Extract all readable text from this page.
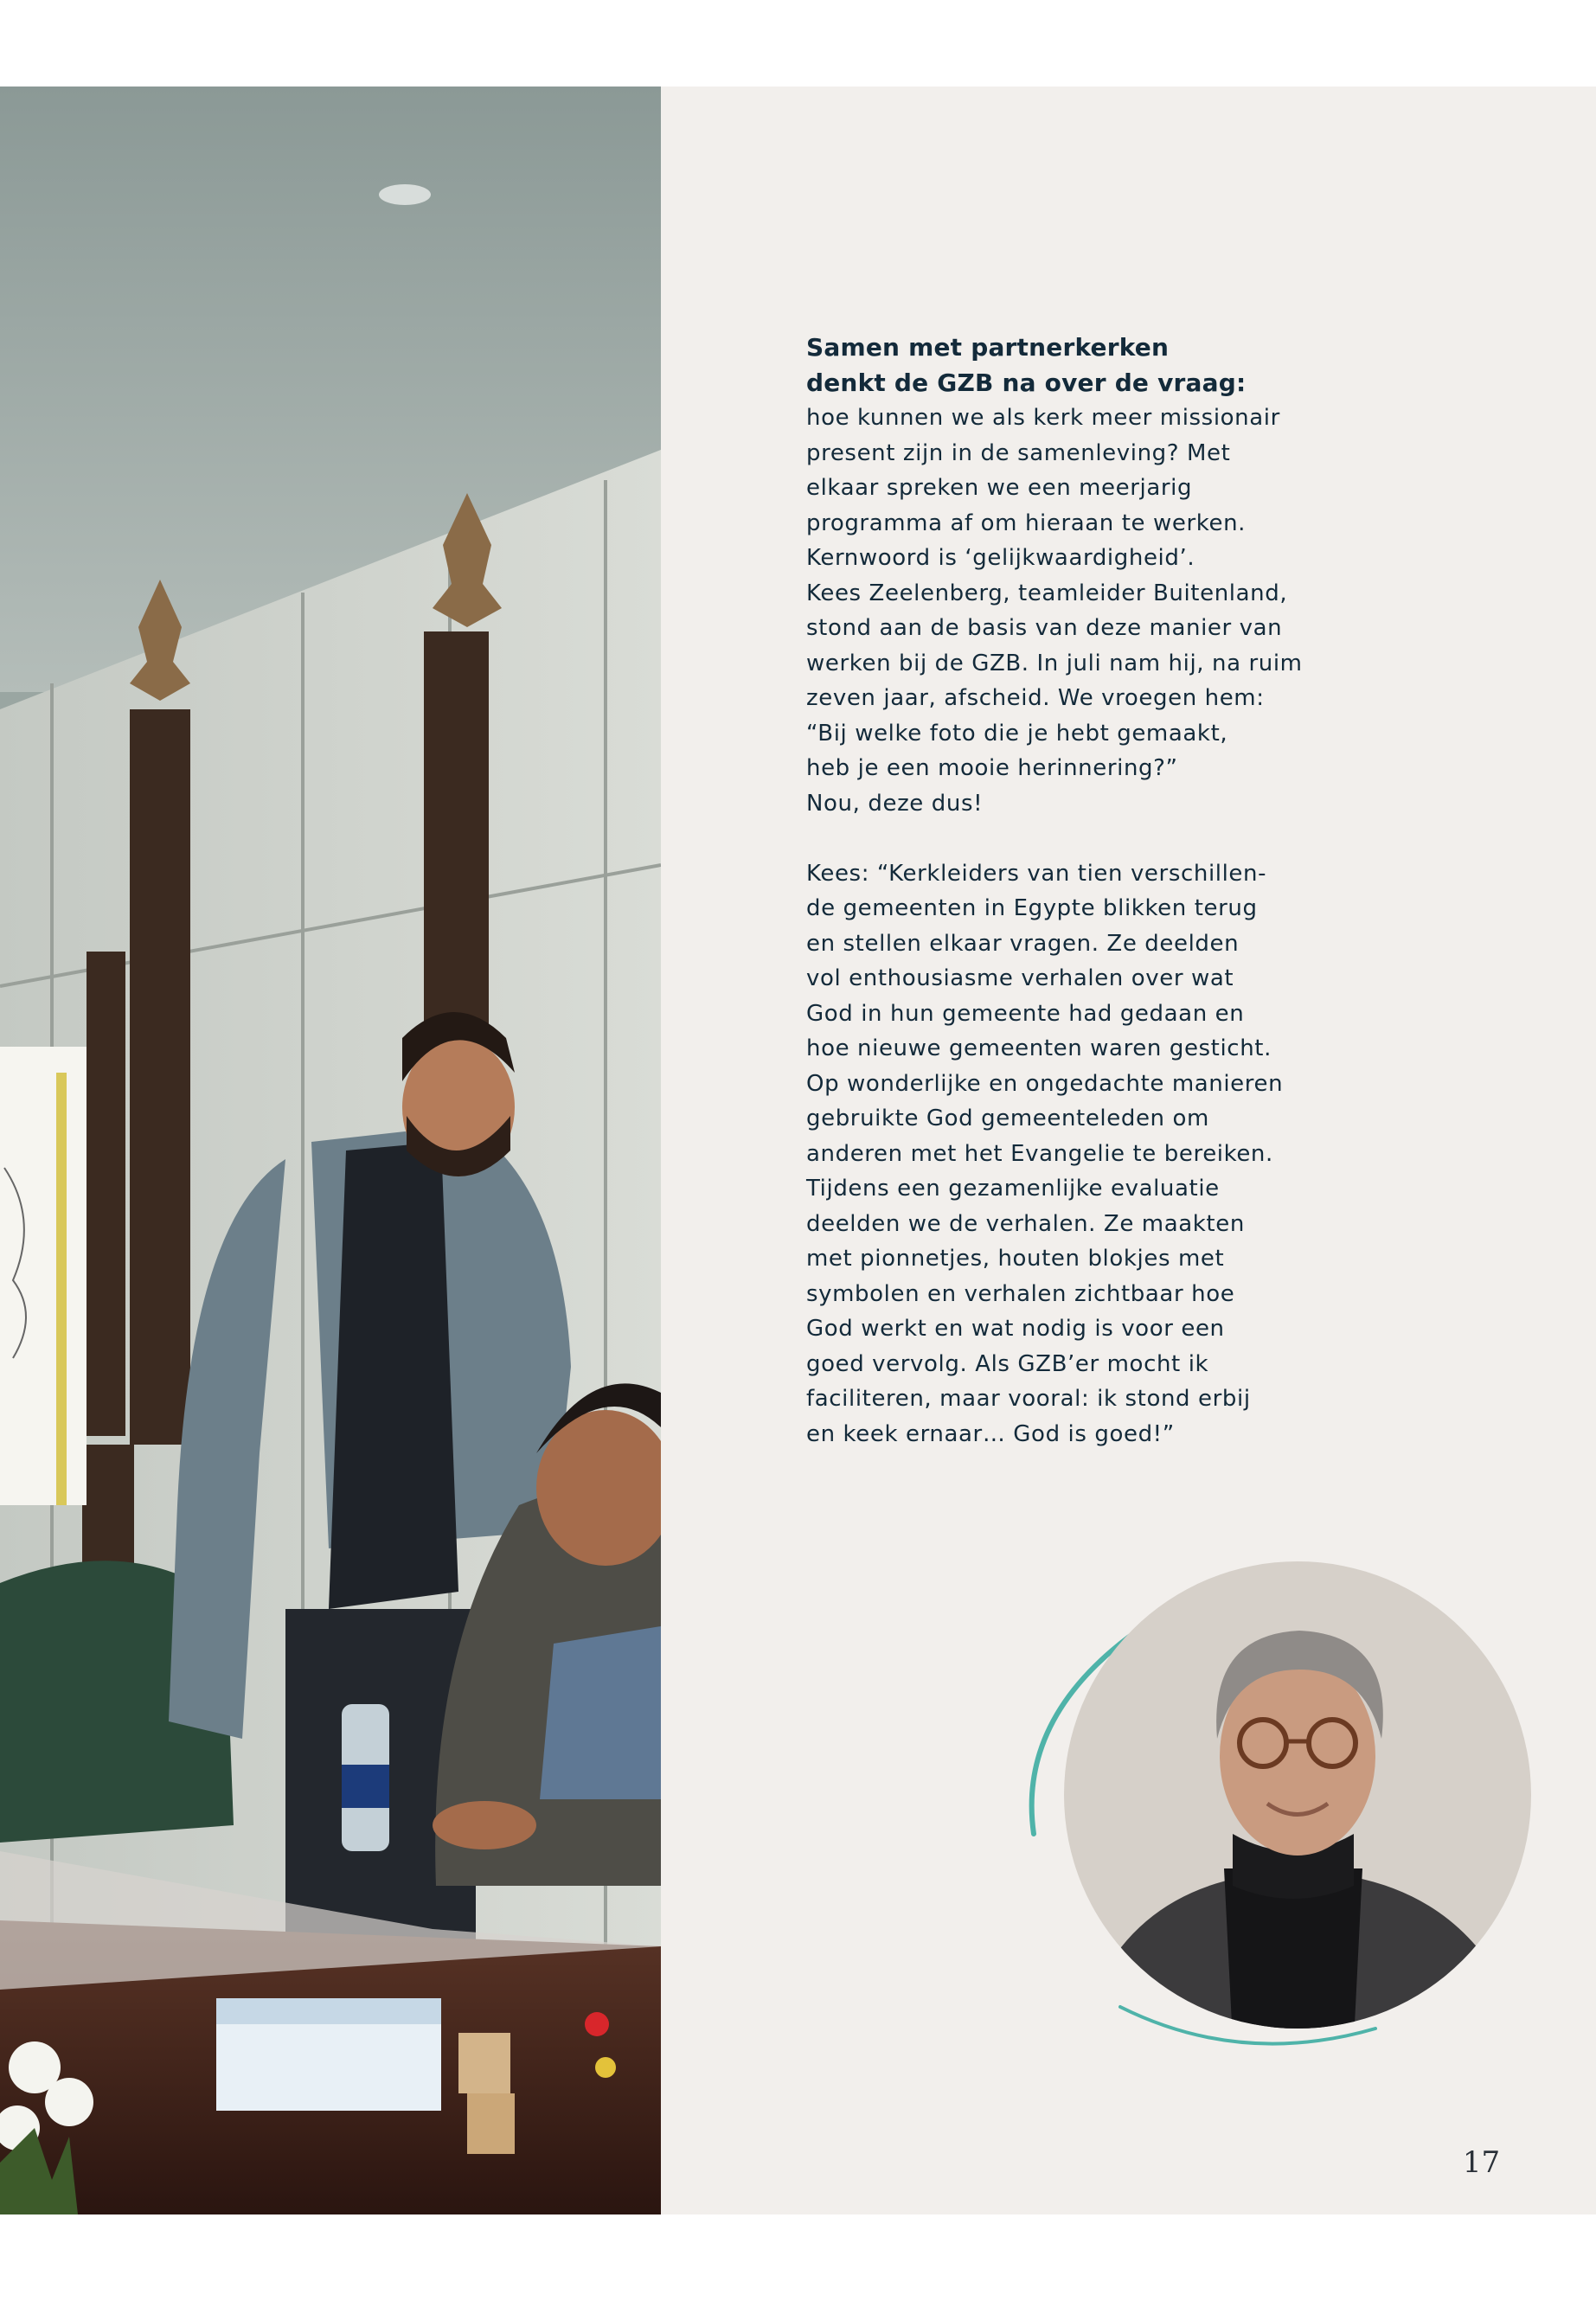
Samen met partnerkerken

denkt de GZB na over de vraag:

hoe kunnen we als kerk meer missionair

present zijn in de samenleving? Met

elkaar spreken we een meerjarig

programma af om hieraan te werken.

Kernwoord is ‘gelijkwaardigheid’.

Kees Zeelenberg, teamleider Buitenland,

stond aan de basis van deze manier van

werken bij de GZB. In juli nam hij, na ruim

zeven jaar, afscheid. We vroegen hem:

“Bij welke foto die je hebt gemaakt,

heb je een mooie herinnering?”

Nou, deze dus!

Kees: “Kerkleiders van tien verschillen-

de gemeenten in Egypte blikken terug

en stellen elkaar vragen. Ze deelden

vol enthousiasme verhalen over wat

God in hun gemeente had gedaan en

hoe nieuwe gemeenten waren gesticht.

Op wonderlijke en ongedachte manieren

gebruikte God gemeenteleden om

anderen met het Evangelie te bereiken.

Tijdens een gezamenlijke evaluatie

deelden we de verhalen. Ze maakten

met pionnetjes, houten blokjes met

symbolen en verhalen zichtbaar hoe

God werkt en wat nodig is voor een

goed vervolg. Als GZB’er mocht ik

faciliteren, maar vooral: ik stond erbij

en keek ernaar… God is goed!”

17
